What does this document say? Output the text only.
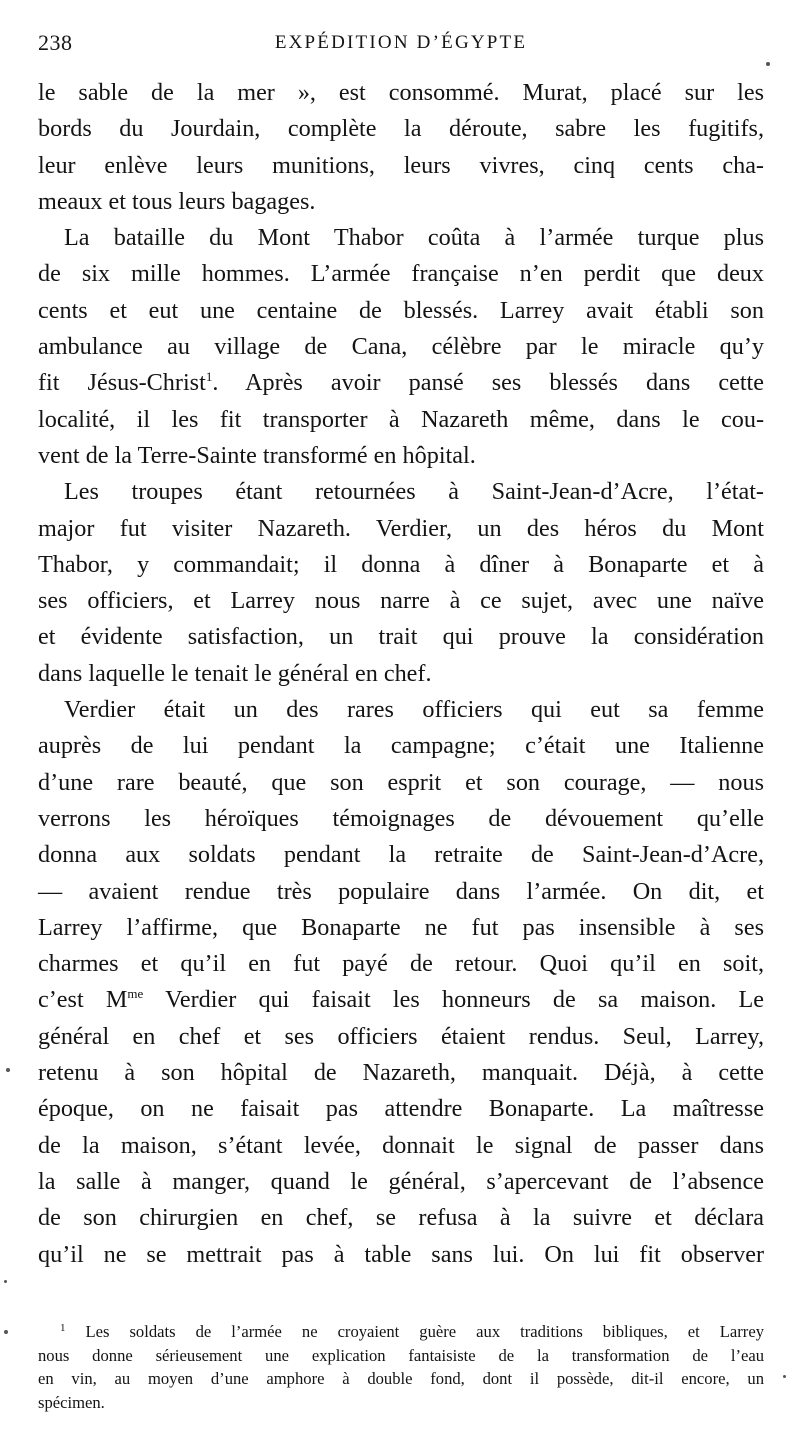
238	EXPÉDITION D’ÉGYPTE
le sable de la mer », est consommé. Murat, placé sur les
bords du Jourdain, complète la déroute, sabre les fugitifs,
leur enlève leurs munitions, leurs vivres, cinq cents cha-
meaux et tous leurs bagages.
La bataille du Mont Thabor coûta à l’armée turque plus
de six mille hommes. L’armée française n’en perdit que deux
cents et eut une centaine de blessés. Larrey avait établi son
ambulance au village de Cana, célèbre par le miracle qu’y
fit Jésus-Christ$^1$. Après avoir pansé ses blessés dans cette
localité, il les fit transporter à Nazareth même, dans le cou-
vent de la Terre-Sainte transformé en hôpital.
Les troupes étant retournées à Saint-Jean-d’Acre, l’état-
major fut visiter Nazareth. Verdier, un des héros du Mont
Thabor, y commandait; il donna à dîner à Bonaparte et à
ses officiers, et Larrey nous narre à ce sujet, avec une naïve
et évidente satisfaction, un trait qui prouve la considération
dans laquelle le tenait le général en chef.
Verdier était un des rares officiers qui eut sa femme
auprès de lui pendant la campagne; c’était une Italienne
d’une rare beauté, que son esprit et son courage, — nous
verrons les héroïques témoignages de dévouement qu’elle
donna aux soldats pendant la retraite de Saint-Jean-d’Acre,
— avaient rendue très populaire dans l’armée. On dit, et
Larrey l’affirme, que Bonaparte ne fut pas insensible à ses
charmes et qu’il en fut payé de retour. Quoi qu’il en soit,
c’est $M^{me}$ Verdier qui faisait les honneurs de sa maison. Le
général en chef et ses officiers étaient rendus. Seul, Larrey,
retenu à son hôpital de Nazareth, manquait. Déjà, à cette
époque, on ne faisait pas attendre Bonaparte. La maîtresse
de la maison, s’étant levée, donnait le signal de passer dans
la salle à manger, quand le général, s’apercevant de l’absence
de son chirurgien en chef, se refusa à la suivre et déclara
qu’il ne se mettrait pas à table sans lui. On lui fit observer
$^1$ Les soldats de l’armée ne croyaient guère aux traditions bibliques, et Larrey
nous donne sérieusement une explication fantaisiste de la transformation de l’eau
en vin, au moyen d’une amphore à double fond, dont il possède, dit-il encore, un
spécimen.
